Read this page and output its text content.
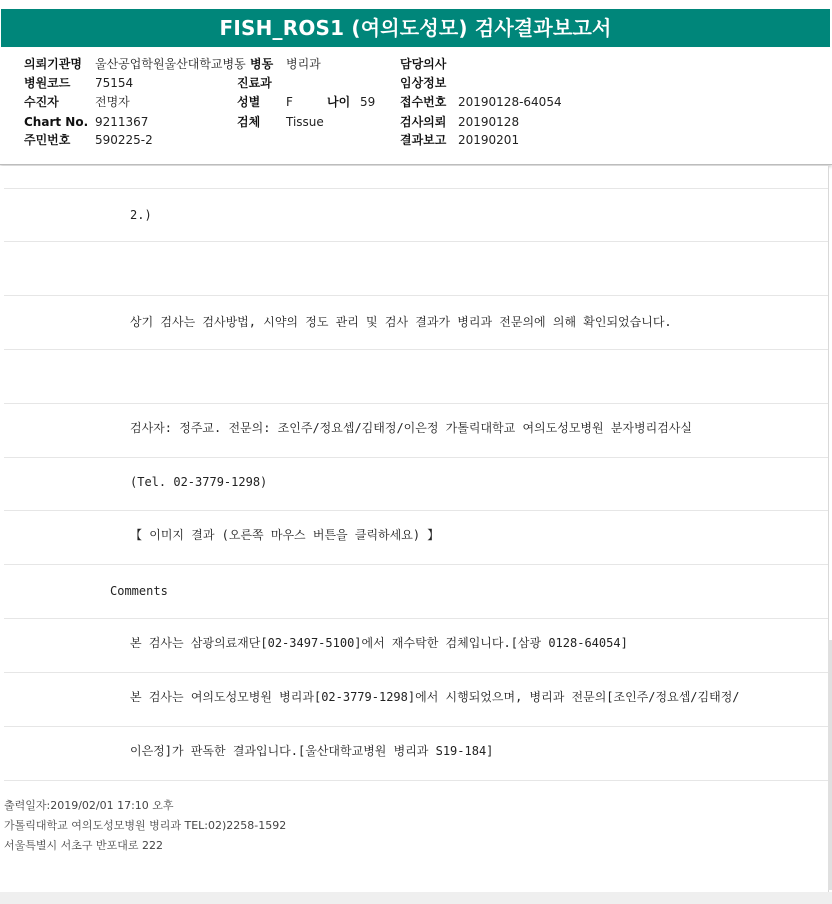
FISH_ROS1 (여의도성모) 검사결과보고서
의뢰기관명 울산공업학원울산대학교병동 병동 병리과	담당의사
병원코드 75154	진료과	임상정보
수진자	전명자	성별 F	나이 59 접수번호 20190128-64054
Chart No. 9211367	검체 Tissue	검사의뢰 20190128
주민번호 590225-2	결과보고 20190201
2.)
상기 검사는 검사방법, 시약의 정도 관리 및 검사 결과가 병리과 전문의에 의해 확인되었습니다.
검사자: 정주교. 전문의: 조인주/정요셉/김태정/이은정 가톨릭대학교 여의도성모병원 분자병리검사실
(Tel. 02-3779-1298)
【 이미지 결과 (오른쪽 마우스 버튼을 클릭하세요) 】
Comments
본 검사는 삼광의료재단[02-3497-5100]에서 재수탁한 검체입니다.[삼광 0128-64054]
본 검사는 여의도성모병원 병리과[02-3779-1298]에서 시행되었으며, 병리과 전문의[조인주/정요셉/김태정/
이은정]가 판독한 결과입니다.[울산대학교병원 병리과 S19-184]
출력일자:2019/02/01 17:10 오후
가톨릭대학교 여의도성모병원 병리과 TEL:02)2258-1592
서울특별시 서초구 반포대로 222
